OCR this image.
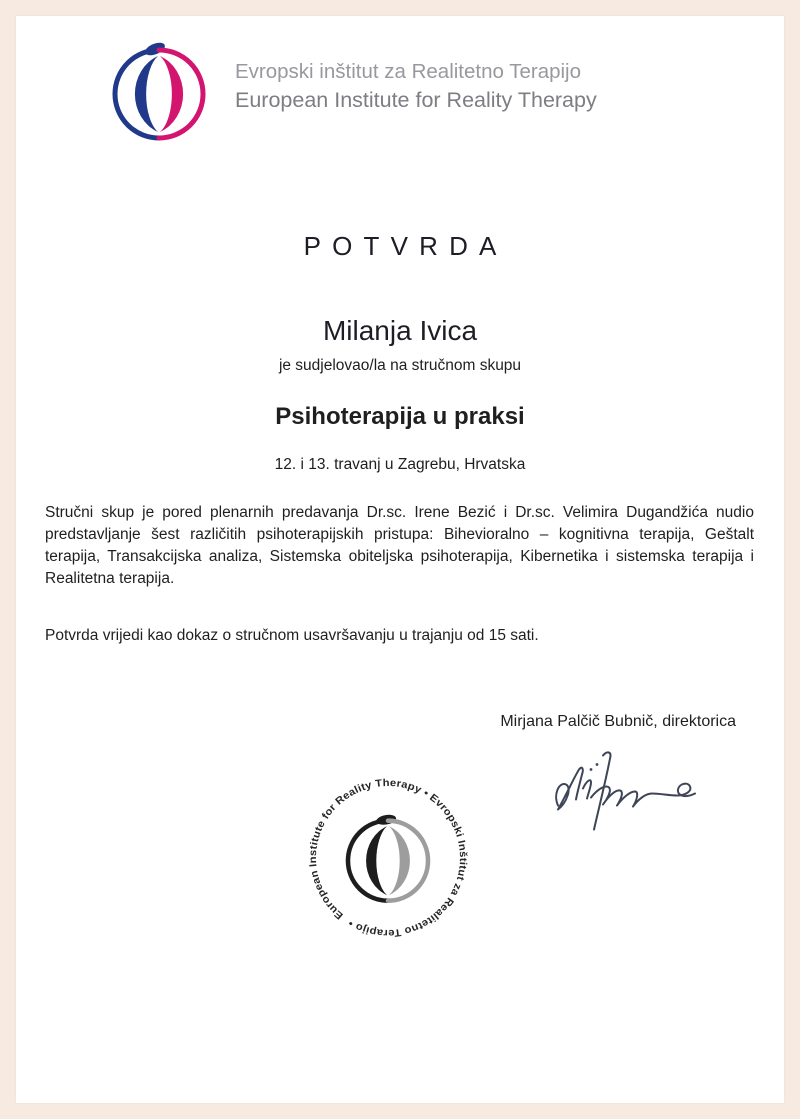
Evropski inštitut za Realitetno Terapijo
European Institute for Reality Therapy
POTVRDA
Milanja Ivica
je sudjelovao/la na stručnom skupu
Psihoterapija u praksi
12. i 13. travanj u Zagrebu, Hrvatska
Stručni skup je pored plenarnih predavanja Dr.sc. Irene Bezić i Dr.sc. Velimira Dugandžića nudio predstavljanje šest različitih psihoterapijskih pristupa: Bihevioralno – kognitivna terapija, Geštalt terapija, Transakcijska analiza, Sistemska obiteljska psihoterapija, Kibernetika i sistemska terapija i Realitetna terapija.
Potvrda vrijedi kao dokaz o stručnom usavršavanju u trajanju od 15 sati.
Mirjana Palčič Bubnič, direktorica
European Institute for Reality Therapy • Evropski Inštitut za Realitetno Terapijo •
